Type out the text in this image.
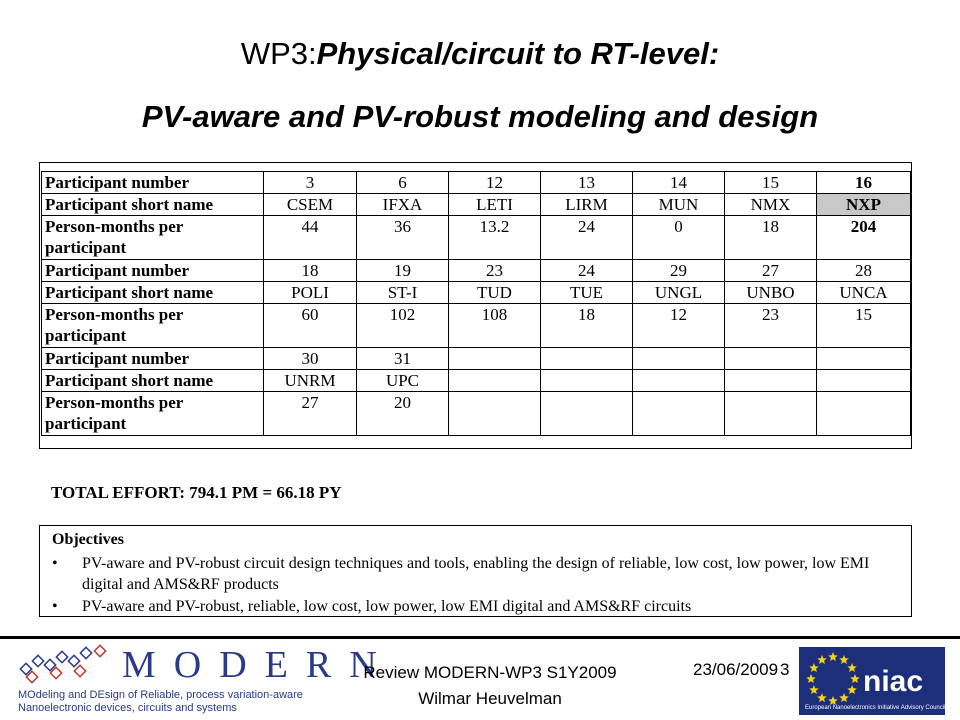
WP3:Physical/circuit to RT-level:
PV-aware and PV-robust modeling and design
Participant number	3	6	12	13	14	15	16
Participant short name	CSEM	IFXA	LETI	LIRM	MUN	NMX	NXP
Person-months per participant	44	36	13.2	24	0	18	204
Participant number	18	19	23	24	29	27	28
Participant short name	POLI	ST-I	TUD	TUE	UNGL	UNBO	UNCA
Person-months per participant	60	102	108	18	12	23	15
Participant number	30	31					
Participant short name	UNRM	UPC					
Person-months per participant	27	20					
TOTAL EFFORT: 794.1 PM = 66.18 PY
Objectives
•	PV-aware and PV-robust circuit design techniques and tools, enabling the design of reliable, low cost, low power, low EMI digital and AMS&RF products
•	PV-aware and PV-robust, reliable, low cost, low power, low EMI digital and AMS&RF circuits
MODERN
MOdeling and DEsign of Reliable, process variation-aware
Nanoelectronic devices, circuits and systems
Review MODERN-WP3 S1Y2009
Wilmar Heuvelman
23/06/2009 3 niac
European Nanoelectronics Initiative Advisory Council
